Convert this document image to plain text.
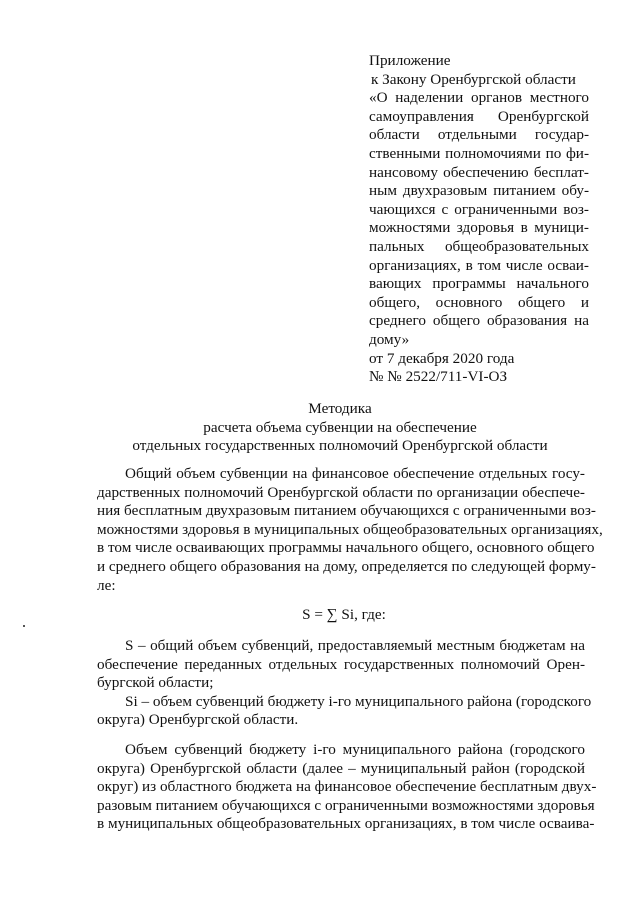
Приложение
к Закону Оренбургской области
«О наделении органов местного
самоуправления Оренбургской
области отдельными государ-
ственными полномочиями по фи-
нансовому обеспечению бесплат-
ным двухразовым питанием обу-
чающихся с ограниченными воз-
можностями здоровья в муници-
пальных общеобразовательных
организациях, в том числе осваи-
вающих программы начального
общего, основного общего и
среднего общего образования на
дому»
от 7 декабря 2020 года
№ № 2522/711-VI-ОЗ
Методика
расчета объема субвенции на обеспечение
отдельных государственных полномочий Оренбургской области
Общий объем субвенции на финансовое обеспечение отдельных госу-
дарственных полномочий Оренбургской области по организации обеспече-
ния бесплатным двухразовым питанием обучающихся с ограниченными воз-
можностями здоровья в муниципальных общеобразовательных организациях,
в том числе осваивающих программы начального общего, основного общего
и среднего общего образования на дому, определяется по следующей форму-
ле:
S = ∑ Si, где:
S – общий объем субвенций, предоставляемый местным бюджетам на
обеспечение переданных отдельных государственных полномочий Орен-
бургской области;
Si – объем субвенций бюджету i-го муниципального района (городского
округа) Оренбургской области.
Объем субвенций бюджету i-го муниципального района (городского
округа) Оренбургской области (далее – муниципальный район (городской
округ) из областного бюджета на финансовое обеспечение бесплатным двух-
разовым питанием обучающихся с ограниченными возможностями здоровья
в муниципальных общеобразовательных организациях, в том числе осваива-
